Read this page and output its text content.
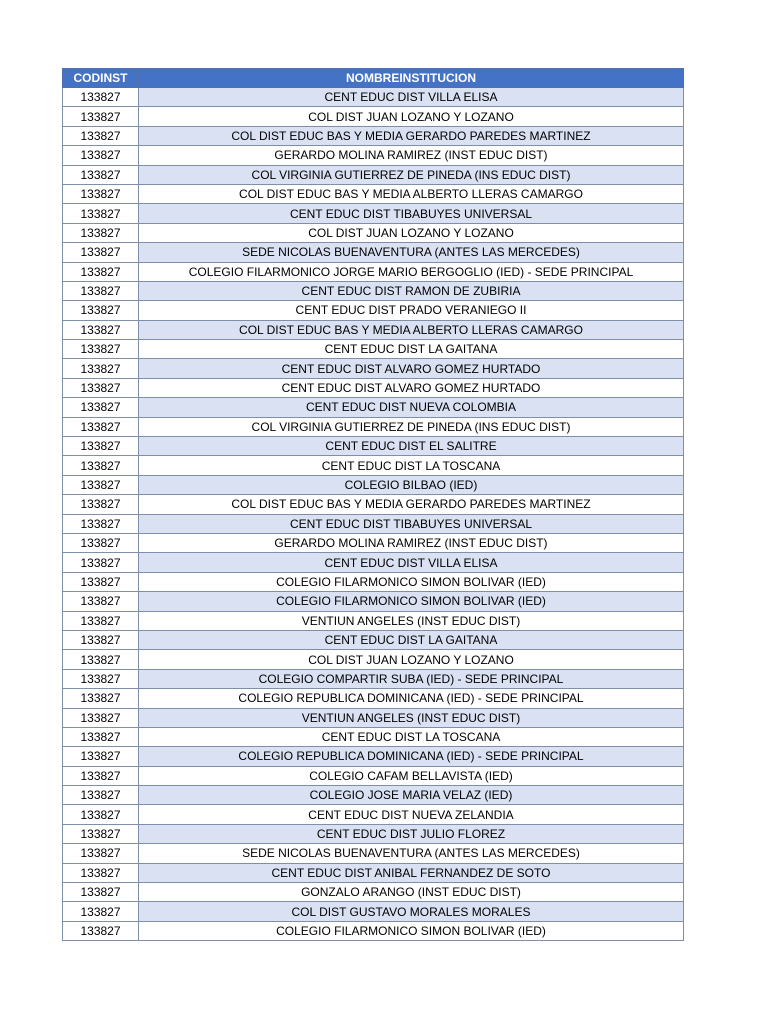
CODINST	NOMBREINSTITUCION
133827	CENT EDUC DIST VILLA ELISA
133827	COL DIST JUAN LOZANO Y LOZANO
133827	COL DIST EDUC BAS Y MEDIA GERARDO PAREDES MARTINEZ
133827	GERARDO MOLINA RAMIREZ (INST EDUC DIST)
133827	COL VIRGINIA GUTIERREZ DE PINEDA (INS EDUC DIST)
133827	COL DIST EDUC BAS Y MEDIA ALBERTO LLERAS CAMARGO
133827	CENT EDUC DIST TIBABUYES UNIVERSAL
133827	COL DIST JUAN LOZANO Y LOZANO
133827	SEDE NICOLAS BUENAVENTURA (ANTES LAS MERCEDES)
133827	COLEGIO FILARMONICO JORGE MARIO BERGOGLIO (IED) - SEDE PRINCIPAL
133827	CENT EDUC DIST RAMON DE ZUBIRIA
133827	CENT EDUC DIST PRADO VERANIEGO II
133827	COL DIST EDUC BAS Y MEDIA ALBERTO LLERAS CAMARGO
133827	CENT EDUC DIST LA GAITANA
133827	CENT EDUC DIST ALVARO GOMEZ HURTADO
133827	CENT EDUC DIST ALVARO GOMEZ HURTADO
133827	CENT EDUC DIST NUEVA COLOMBIA
133827	COL VIRGINIA GUTIERREZ DE PINEDA (INS EDUC DIST)
133827	CENT EDUC DIST EL SALITRE
133827	CENT EDUC DIST LA TOSCANA
133827	COLEGIO BILBAO (IED)
133827	COL DIST EDUC BAS Y MEDIA GERARDO PAREDES MARTINEZ
133827	CENT EDUC DIST TIBABUYES UNIVERSAL
133827	GERARDO MOLINA RAMIREZ (INST EDUC DIST)
133827	CENT EDUC DIST VILLA ELISA
133827	COLEGIO FILARMONICO SIMON BOLIVAR (IED)
133827	COLEGIO FILARMONICO SIMON BOLIVAR (IED)
133827	VENTIUN ANGELES (INST EDUC DIST)
133827	CENT EDUC DIST LA GAITANA
133827	COL DIST JUAN LOZANO Y LOZANO
133827	COLEGIO COMPARTIR SUBA (IED) - SEDE PRINCIPAL
133827	COLEGIO REPUBLICA DOMINICANA (IED) - SEDE PRINCIPAL
133827	VENTIUN ANGELES (INST EDUC DIST)
133827	CENT EDUC DIST LA TOSCANA
133827	COLEGIO REPUBLICA DOMINICANA (IED) - SEDE PRINCIPAL
133827	COLEGIO CAFAM BELLAVISTA (IED)
133827	COLEGIO JOSE MARIA VELAZ (IED)
133827	CENT EDUC DIST NUEVA ZELANDIA
133827	CENT EDUC DIST JULIO FLOREZ
133827	SEDE NICOLAS BUENAVENTURA (ANTES LAS MERCEDES)
133827	CENT EDUC DIST ANIBAL FERNANDEZ DE SOTO
133827	GONZALO ARANGO (INST EDUC DIST)
133827	COL DIST GUSTAVO MORALES MORALES
133827	COLEGIO FILARMONICO SIMON BOLIVAR (IED)
